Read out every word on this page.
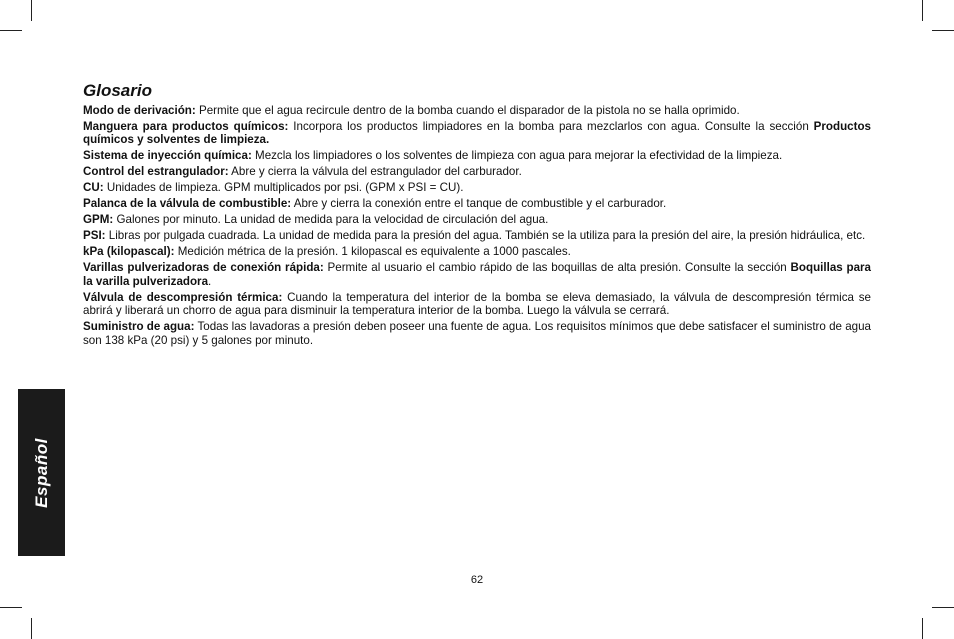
Español
Glosario
Modo de derivación: Permite que el agua recircule dentro de la bomba cuando el disparador de la pistola no se halla oprimido.
Manguera para productos químicos: Incorpora los productos limpiadores en la bomba para mezclarlos con agua. Consulte la sección Productos químicos y solventes de limpieza.
Sistema de inyección química: Mezcla los limpiadores o los solventes de limpieza con agua para mejorar la efectividad de la limpieza.
Control del estrangulador: Abre y cierra la válvula del estrangulador del carburador.
CU: Unidades de limpieza. GPM multiplicados por psi. (GPM x PSI = CU).
Palanca de la válvula de combustible: Abre y cierra la conexión entre el tanque de combustible y el carburador.
GPM: Galones por minuto. La unidad de medida para la velocidad de circulación del agua.
PSI: Libras por pulgada cuadrada. La unidad de medida para la presión del agua. También se la utiliza para la presión del aire, la presión hidráulica, etc.
kPa (kilopascal): Medición métrica de la presión. 1 kilopascal es equivalente a 1000 pascales.
Varillas pulverizadoras de conexión rápida: Permite al usuario el cambio rápido de las boquillas de alta presión. Consulte la sección Boquillas para la varilla pulverizadora.
Válvula de descompresión térmica: Cuando la temperatura del interior de la bomba se eleva demasiado, la válvula de descompresión térmica se abrirá y liberará un chorro de agua para disminuir la temperatura interior de la bomba. Luego la válvula se cerrará.
Suministro de agua: Todas las lavadoras a presión deben poseer una fuente de agua. Los requisitos mínimos que debe satisfacer el suministro de agua son 138 kPa (20 psi) y 5 galones por minuto.
62
